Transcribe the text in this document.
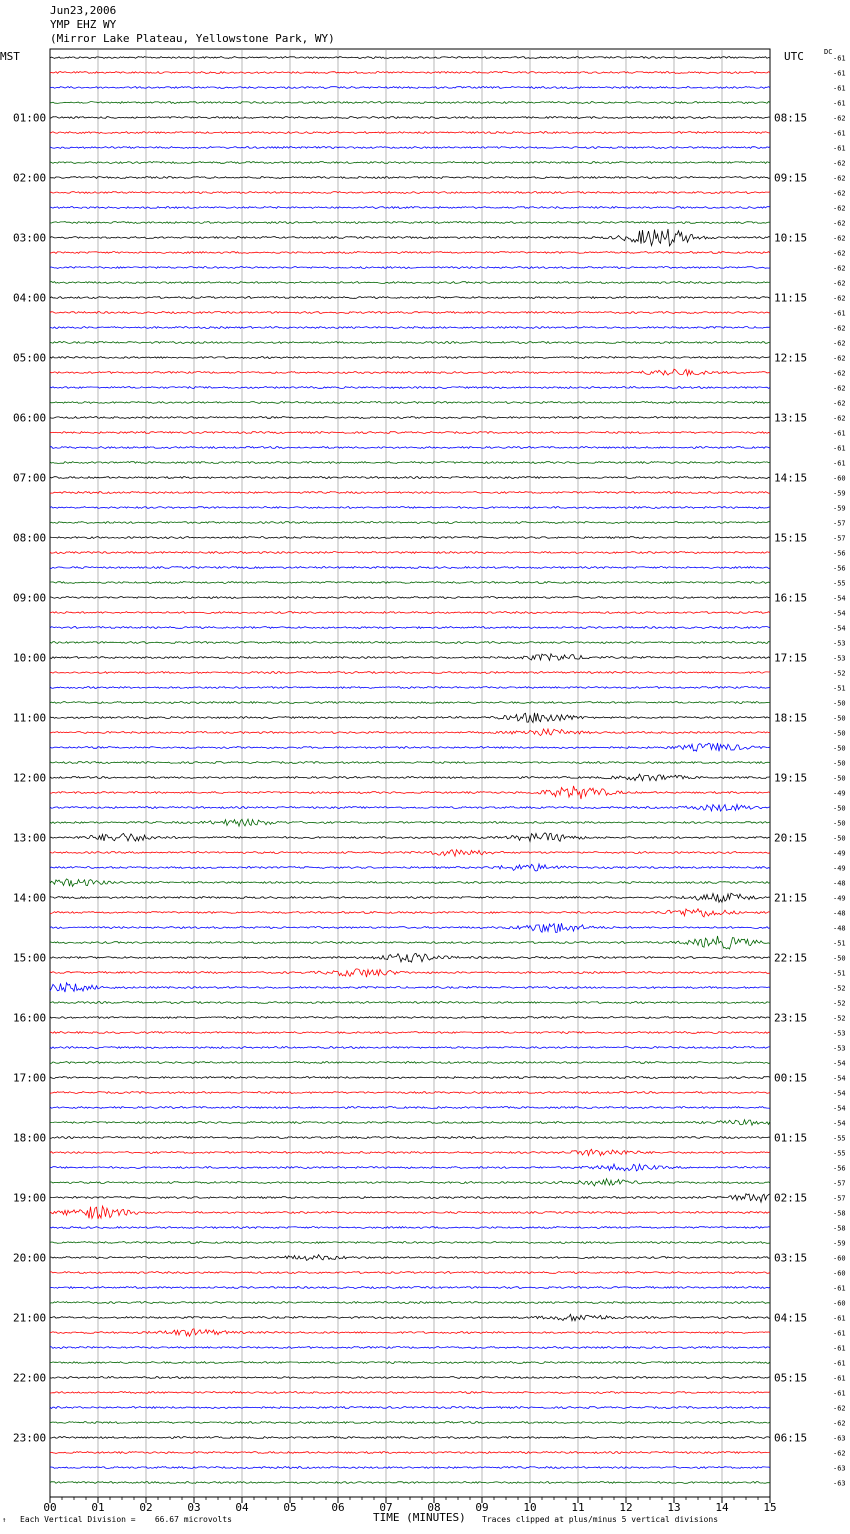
Jun23,2006
YMP EHZ WY
(Mirror Lake Plateau, Yellowstone Park, WY)
MST	UTC	DC
01:00	08:15
02:00	09:15
03:00	10:15
04:00	11:15
05:00	12:15
06:00	13:15
07:00	14:15
08:00	15:15
09:00	16:15
10:00	17:15
11:00	18:15
12:00	19:15
13:00	20:15
14:00	21:15
15:00	22:15
16:00	23:15
17:00	00:15
18:00	01:15
19:00	02:15
20:00	03:15
21:00	04:15
22:00	05:15
23:00	06:15
-61
-61
-61
-61
-62
-61
-61
-62
-62
-62
-62
-62
-62
-62
-62
-62
-62
-61
-62
-62
-62
-62
-62
-62
-62
-61
-61
-61
-60
-59
-59
-57
-57
-56
-56
-55
-54
-54
-54
-53
-53
-52
-51
-50
-50
-50
-50
-50
-50
-49
-50
-50
-50
-49
-49
-48
-49
-48
-48
-51
-50
-51
-52
-52
-52
-53
-53
-54
-54
-54
-54
-54
-55
-55
-56
-57
-57
-58
-58
-59
-60
-60
-61
-60
-61
-61
-61
-61
-61
-61
-62
-62
-63
-62
-63
-63
00	01	02	03	04	05	06	07	08	09	10	11	12	13	14	15
↑ Each Vertical Division =    66.67 microvolts	TIME (MINUTES) Traces clipped at plus/minus 5 vertical divisions
